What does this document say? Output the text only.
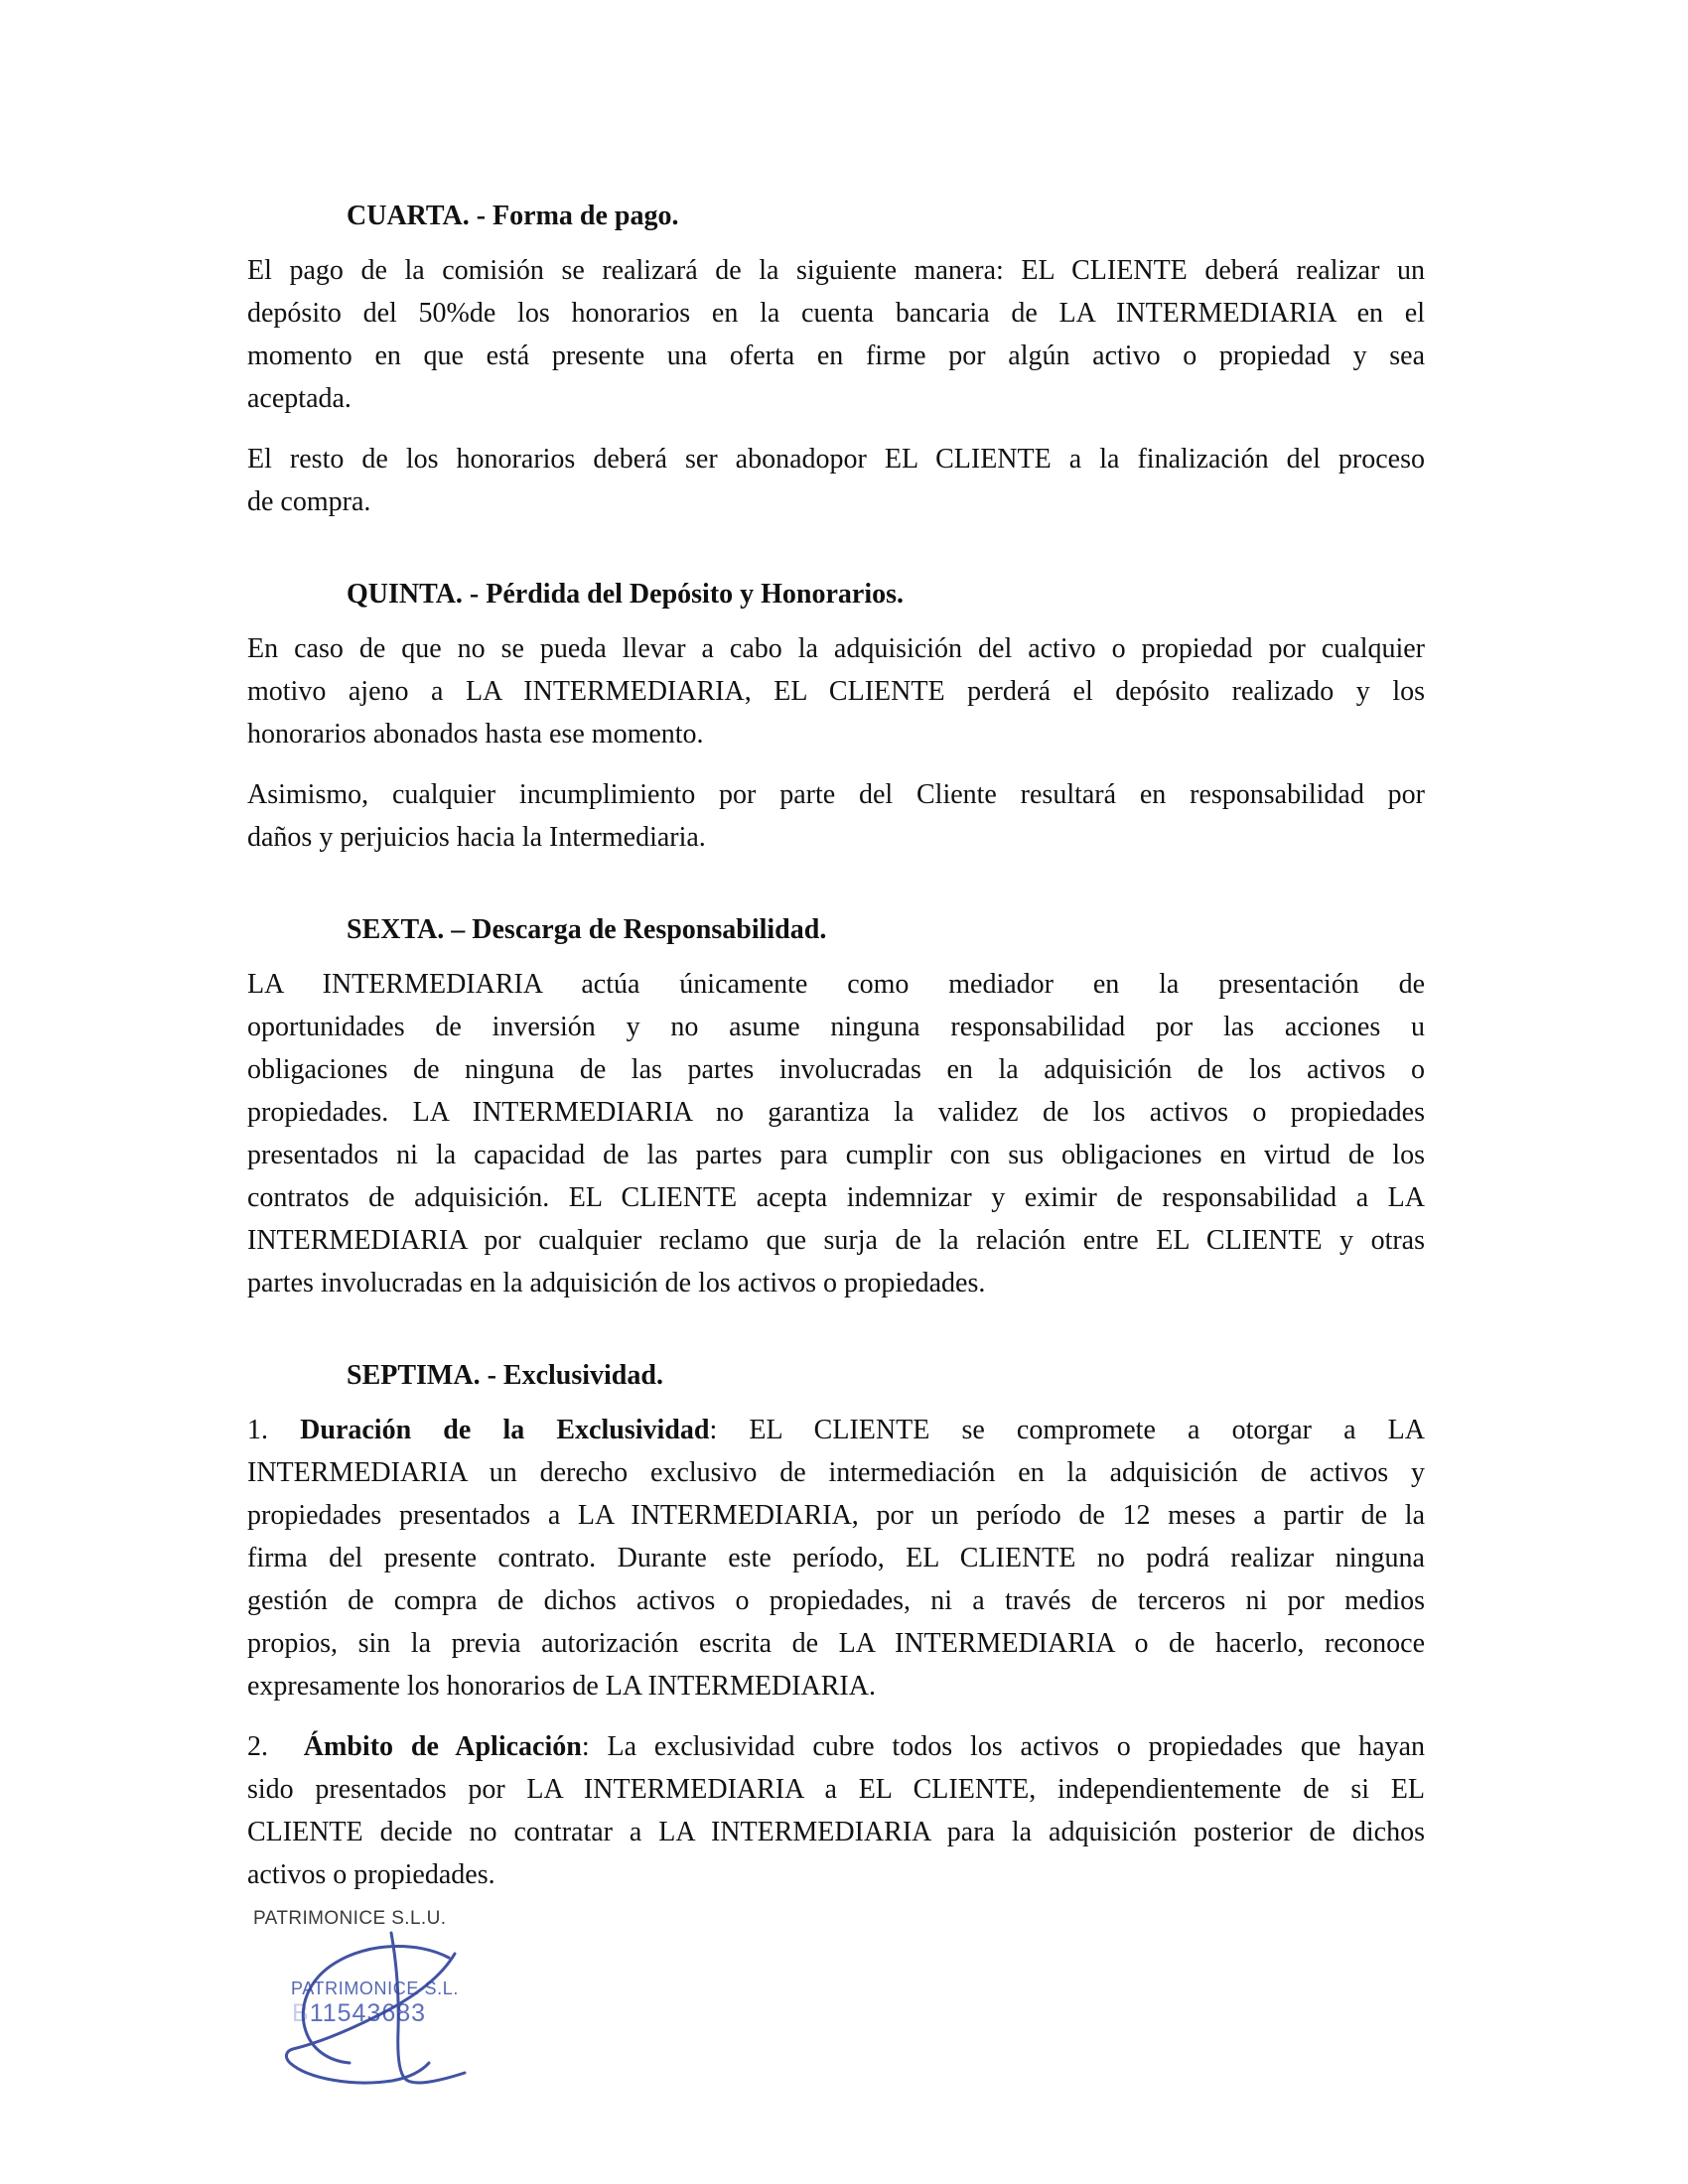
CUARTA. - Forma de pago.
El pago de la comisión se realizará de la siguiente manera: EL CLIENTE deberá realizar un
depósito del 50%de los honorarios en la cuenta bancaria de LA INTERMEDIARIA en el
momento en que está presente una oferta en firme por algún activo o propiedad y sea
aceptada.
El resto de los honorarios deberá ser abonadopor EL CLIENTE a la finalización del proceso
de compra.
QUINTA. - Pérdida del Depósito y Honorarios.
En caso de que no se pueda llevar a cabo la adquisición del activo o propiedad por cualquier
motivo ajeno a LA INTERMEDIARIA, EL CLIENTE perderá el depósito realizado y los
honorarios abonados hasta ese momento.
Asimismo, cualquier incumplimiento por parte del Cliente resultará en responsabilidad por
daños y perjuicios hacia la Intermediaria.
SEXTA. – Descarga de Responsabilidad.
LA INTERMEDIARIA actúa únicamente como mediador en la presentación de
oportunidades de inversión y no asume ninguna responsabilidad por las acciones u
obligaciones de ninguna de las partes involucradas en la adquisición de los activos o
propiedades. LA INTERMEDIARIA no garantiza la validez de los activos o propiedades
presentados ni la capacidad de las partes para cumplir con sus obligaciones en virtud de los
contratos de adquisición. EL CLIENTE acepta indemnizar y eximir de responsabilidad a LA
INTERMEDIARIA por cualquier reclamo que surja de la relación entre EL CLIENTE y otras
partes involucradas en la adquisición de los activos o propiedades.
SEPTIMA. - Exclusividad.
1. Duración de la Exclusividad: EL CLIENTE se compromete a otorgar a LA
INTERMEDIARIA un derecho exclusivo de intermediación en la adquisición de activos y
propiedades presentados a LA INTERMEDIARIA, por un período de 12 meses a partir de la
firma del presente contrato. Durante este período, EL CLIENTE no podrá realizar ninguna
gestión de compra de dichos activos o propiedades, ni a través de terceros ni por medios
propios, sin la previa autorización escrita de LA INTERMEDIARIA o de hacerlo, reconoce
expresamente los honorarios de LA INTERMEDIARIA.
2.  Ámbito de Aplicación: La exclusividad cubre todos los activos o propiedades que hayan
sido presentados por LA INTERMEDIARIA a EL CLIENTE, independientemente de si EL
CLIENTE decide no contratar a LA INTERMEDIARIA para la adquisición posterior de dichos
activos o propiedades.
PATRIMONICE S.L.U.
PATRIMONICE S.L.
B11543683
